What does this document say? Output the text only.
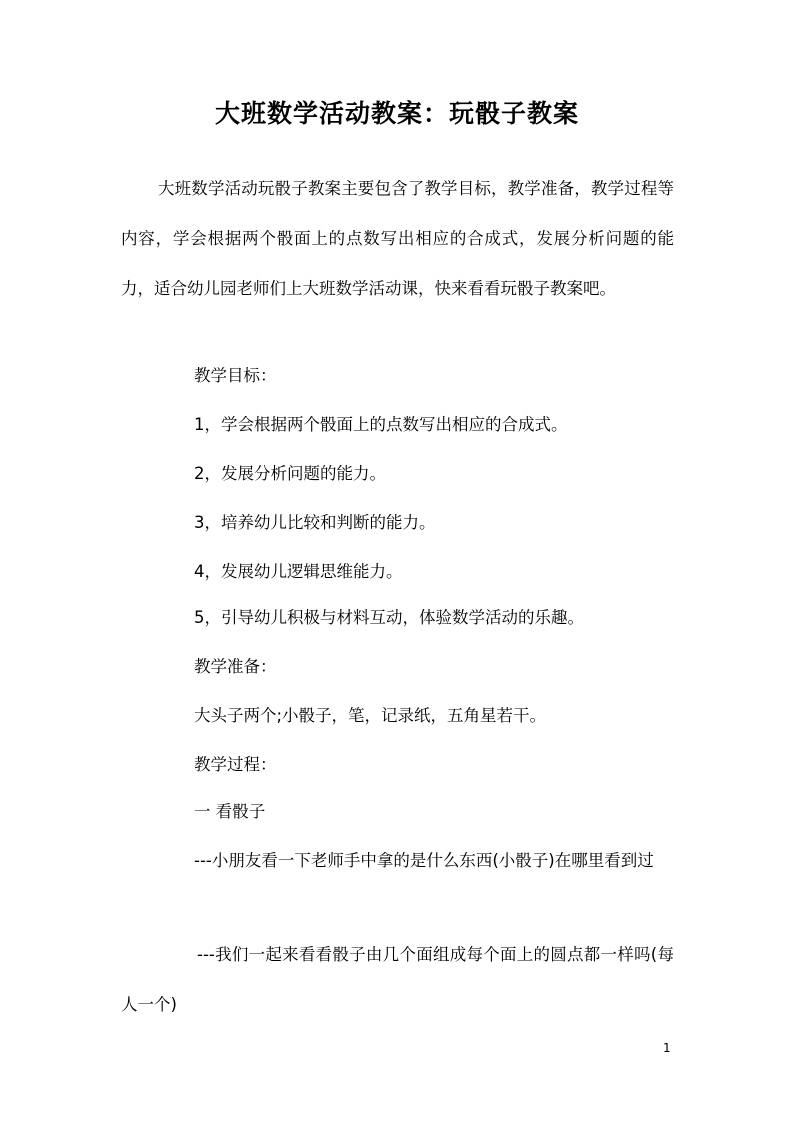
大班数学活动教案：玩骰子教案

大班数学活动玩骰子教案主要包含了教学目标，教学准备，教学过程等内容，学会根据两个骰面上的点数写出相应的合成式，发展分析问题的能力，适合幼儿园老师们上大班数学活动课，快来看看玩骰子教案吧。

教学目标：
1，学会根据两个骰面上的点数写出相应的合成式。
2，发展分析问题的能力。
3，培养幼儿比较和判断的能力。
4，发展幼儿逻辑思维能力。
5，引导幼儿积极与材料互动，体验数学活动的乐趣。
教学准备：
大头子两个;小骰子，笔，记录纸，五角星若干。
教学过程：
一 看骰子

---小朋友看一下老师手中拿的是什么东西(小骰子)在哪里看到过

---我们一起来看看骰子由几个面组成每个面上的圆点都一样吗(每人一个)

1
